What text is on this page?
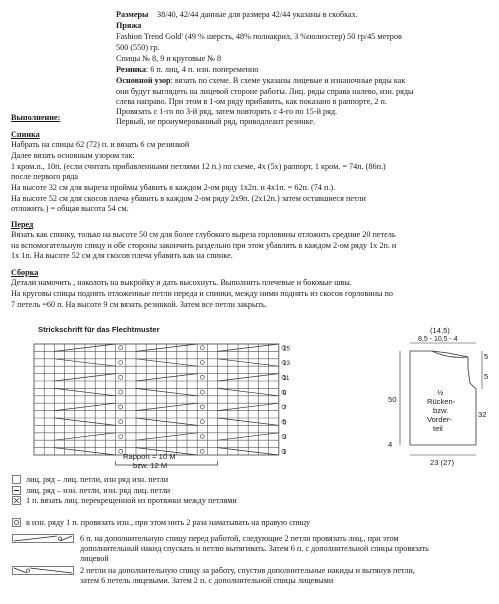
Размеры 38/40, 42/44 данные для размера 42/44 указаны в скобках.
Пряжа
Fashion Trend Gold' (49 % шерсть, 48% полиакрил, 3 %полиэстер) 50 гр/45 метров
500 (550) гр.
Спицы № 8, 9 и круговые № 8
Резинка: 6 п. лиц, 4 п. изн. попеременно
Основной узор: вязать по схеме. В схеме указаны лицевые и изнаночные ряды как
они будут выглядеть на лицевой стороне работы. Лиц. ряды справа налево, изн. ряды
слева направо. При этом в 1-ом ряду прибавить, как показано в раппорте, 2 п.
Провязать с 1-го по 3-й ряд, затем повторять с 4-го по 15-й ряд.
Выполнение:	Первый, не проиумерованный ряд, приводлеант резинке.
Спинка
Набрать на спицы 62 (72) п. и вязать 6 см резинкой
Далее вязать основным узором так:
1 кром.п., 10п. (если считать прибавленными петлями 12 п.) по схеме, 4х (5х) раппорт, 1 кром. = 74п. (86п.)
после первого ряда
На высоте 32 см для выреза проймы убавить в каждом 2-ом ряду 1х2п. и 4х1п. = 62п. (74 п.).
На высоте 52 см для скосов плеча убавить в каждом 2-ом ряду 2х9п. (2х12п.) затем оставшиеся петли
отложить ) = общая высота 54 см.
Перед
Вязать как спинку, только на высоте 50 см для более глубокого выреза горловины отложить средние 20 петель
на вспомогательную спицу и обе стороны закончить раздельно при этом убавлять в каждом 2-ом ряду 1х 2п. и
1х 1п. На высоте 52 см для скосов плеча убавить как на спинке.
Сборка
Детали намочить , наколоть на выкройку и дать высохнуть. Выполнить плечевые и боковые швы.
На круговы спицы поднять отложенные петли переда и спинки, между ними поднять из скосов горловины по
7 петель =60 п. На высоте 9 см вязать резинкой. Затем все петли закрыть.
Strickschrift für das Flechtmuster
15
13
11
9
7
5
3
1
Rapport = 10 M
bzw. 12 M
(14,5)
8,5 - 10,5 - 4
5
5
50
32
4
½
Rücken-
bzw.
Vorder-
teil
23 (27)
лиц. ряд – лиц. петли, изн ряд изн. петли
лиц. ряд – изн. петли, изн. ряд лиц. петли
1 п. вязать лиц. перекрещенной из протяжки между петлями
в изн. ряду 1 п. провязать изн., при этом нить 2 раза наматывать на правую спицу
6 п. на дополнительную спицу перед работой, следующие 2 петли провязать лиц., при этом
дополнительный накид спускать и петлю вытягивать. Затем 6 п. с дополнительной спицы провязать
лицевой
2 петли на дополнительную спицу за работу, спустив дополнительные накиды и вытянув петли,
затем 6 петель лицевыми. Затем 2 п. с дополнительной спицы лицевыми
